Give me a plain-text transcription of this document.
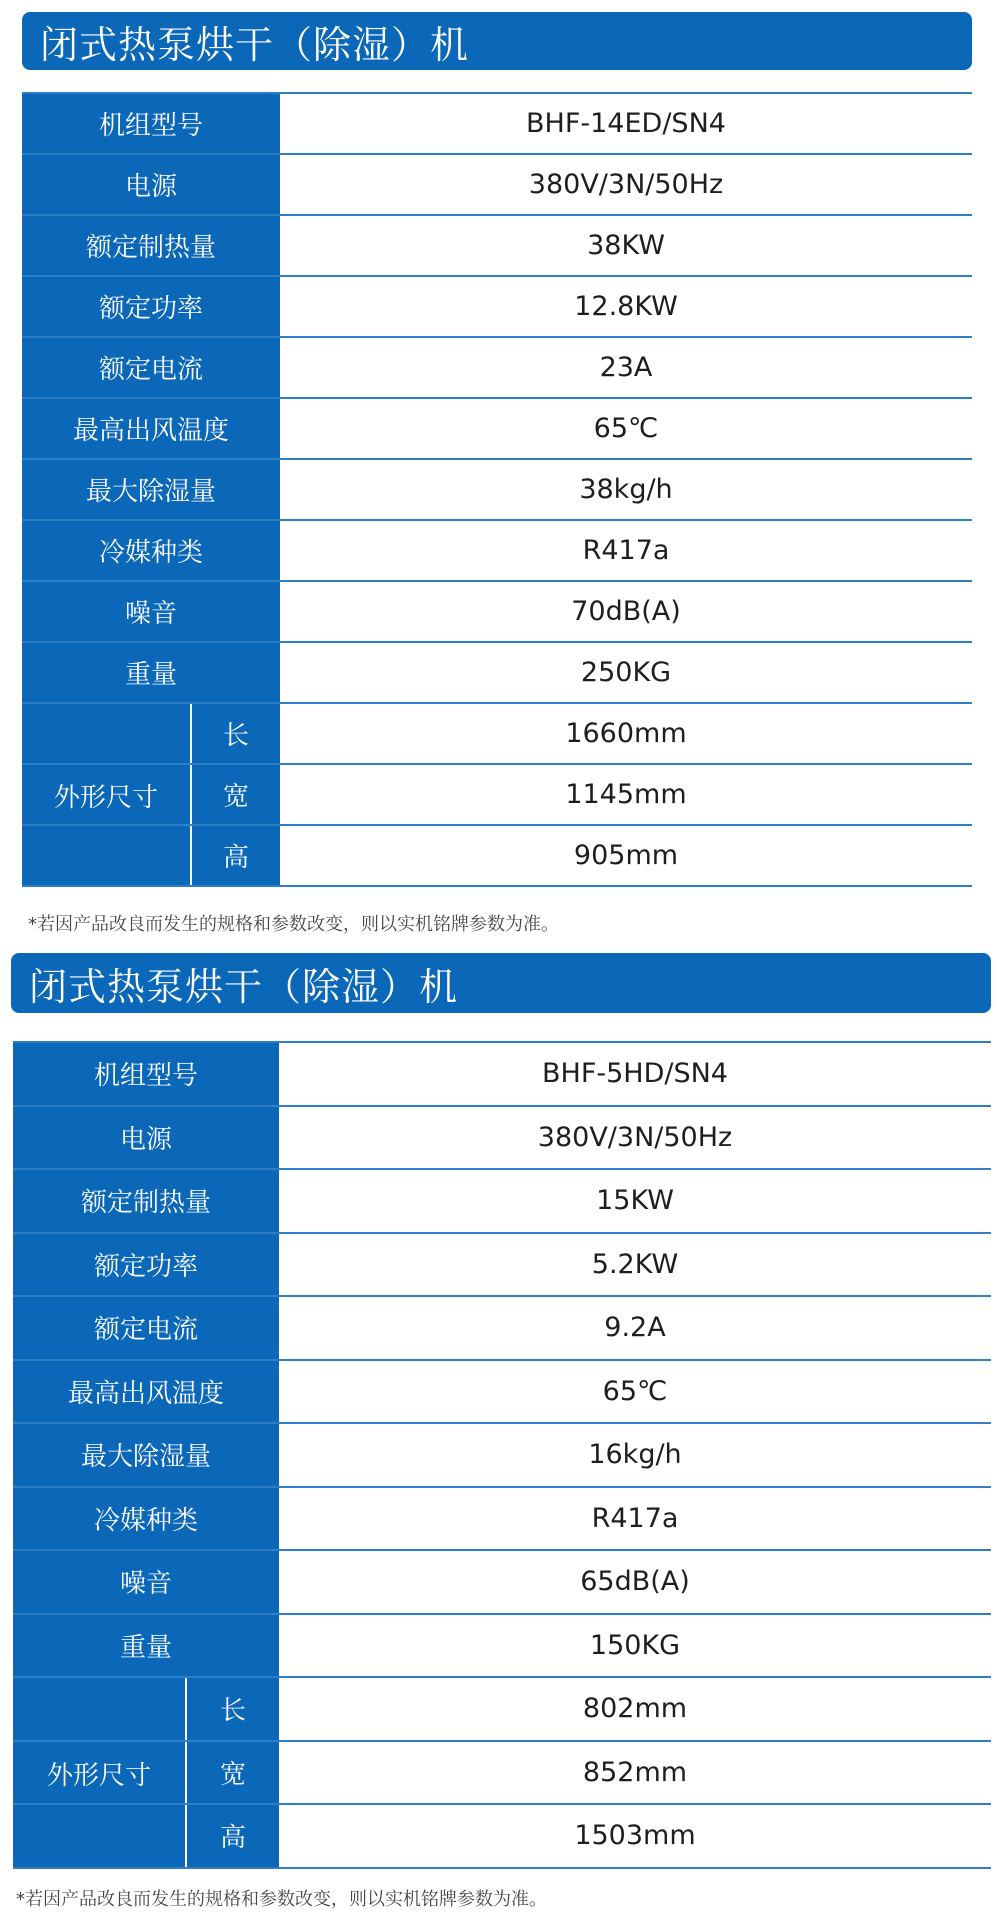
闭式热泵烘干（除湿）机
机组型号	BHF-14ED/SN4
电源	380V/3N/50Hz
额定制热量	38KW
额定功率	12.8KW
额定电流	23A
最高出风温度	65℃
最大除湿量	38kg/h
冷媒种类	R417a
噪音	70dB(A)
重量	250KG
外形尺寸
长	1660mm
宽	1145mm
高	905mm
*若因产品改良而发生的规格和参数改变，则以实机铭牌参数为准。
闭式热泵烘干（除湿）机
机组型号	BHF-5HD/SN4
电源	380V/3N/50Hz
额定制热量	15KW
额定功率	5.2KW
额定电流	9.2A
最高出风温度	65℃
最大除湿量	16kg/h
冷媒种类	R417a
噪音	65dB(A)
重量	150KG
外形尺寸
长	802mm
宽	852mm
高	1503mm
*若因产品改良而发生的规格和参数改变，则以实机铭牌参数为准。
